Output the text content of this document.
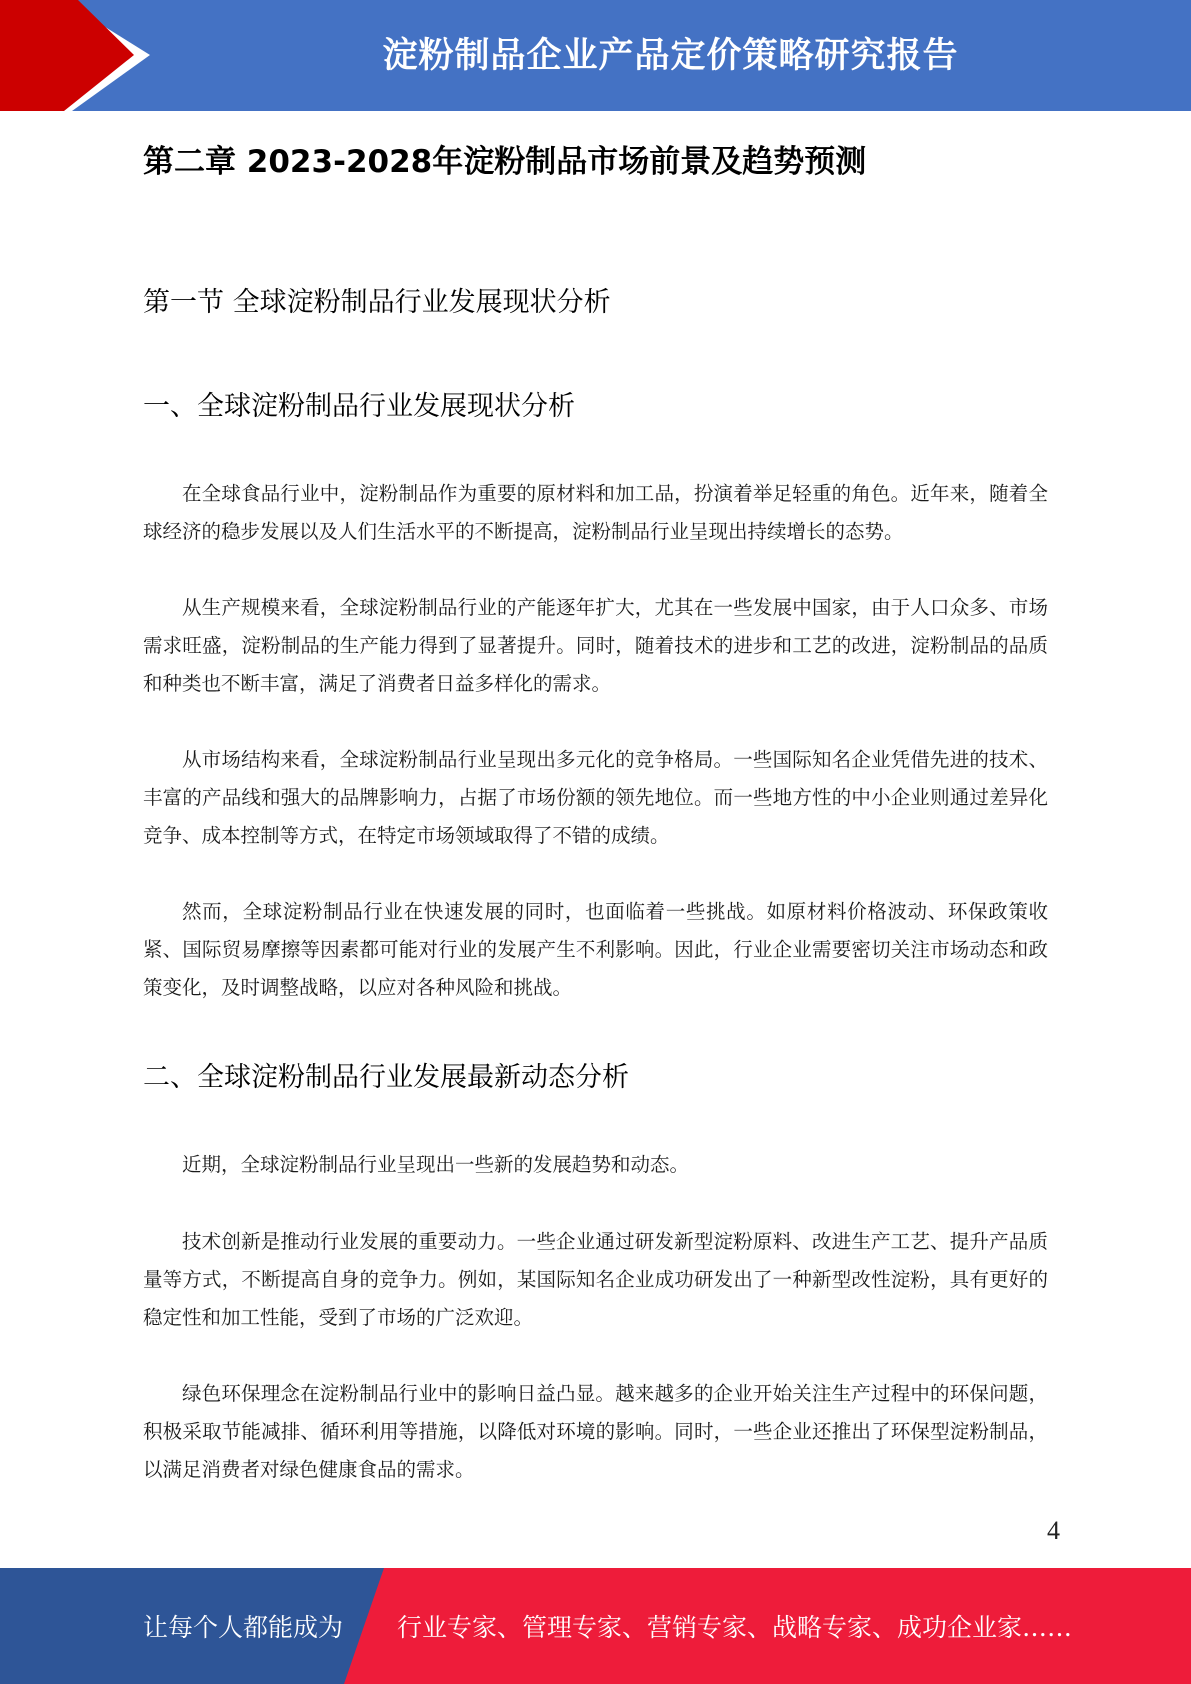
淀粉制品企业产品定价策略研究报告
第二章 2023-2028年淀粉制品市场前景及趋势预测
第一节 全球淀粉制品行业发展现状分析
一、全球淀粉制品行业发展现状分析

在全球食品行业中，淀粉制品作为重要的原材料和加工品，扮演着举足轻重的角色。近年来，随着全球经济的稳步发展以及人们生活水平的不断提高，淀粉制品行业呈现出持续增长的态势。

从生产规模来看，全球淀粉制品行业的产能逐年扩大，尤其在一些发展中国家，由于人口众多、市场需求旺盛，淀粉制品的生产能力得到了显著提升。同时，随着技术的进步和工艺的改进，淀粉制品的品质和种类也不断丰富，满足了消费者日益多样化的需求。

从市场结构来看，全球淀粉制品行业呈现出多元化的竞争格局。一些国际知名企业凭借先进的技术、丰富的产品线和强大的品牌影响力，占据了市场份额的领先地位。而一些地方性的中小企业则通过差异化竞争、成本控制等方式，在特定市场领域取得了不错的成绩。

然而，全球淀粉制品行业在快速发展的同时，也面临着一些挑战。如原材料价格波动、环保政策收紧、国际贸易摩擦等因素都可能对行业的发展产生不利影响。因此，行业企业需要密切关注市场动态和政策变化，及时调整战略，以应对各种风险和挑战。

二、全球淀粉制品行业发展最新动态分析

近期，全球淀粉制品行业呈现出一些新的发展趋势和动态。

技术创新是推动行业发展的重要动力。一些企业通过研发新型淀粉原料、改进生产工艺、提升产品质量等方式，不断提高自身的竞争力。例如，某国际知名企业成功研发出了一种新型改性淀粉，具有更好的稳定性和加工性能，受到了市场的广泛欢迎。

绿色环保理念在淀粉制品行业中的影响日益凸显。越来越多的企业开始关注生产过程中的环保问题，积极采取节能减排、循环利用等措施，以降低对环境的影响。同时，一些企业还推出了环保型淀粉制品，以满足消费者对绿色健康食品的需求。

4
让每个人都能成为 行业专家、管理专家、营销专家、战略专家、成功企业家……
